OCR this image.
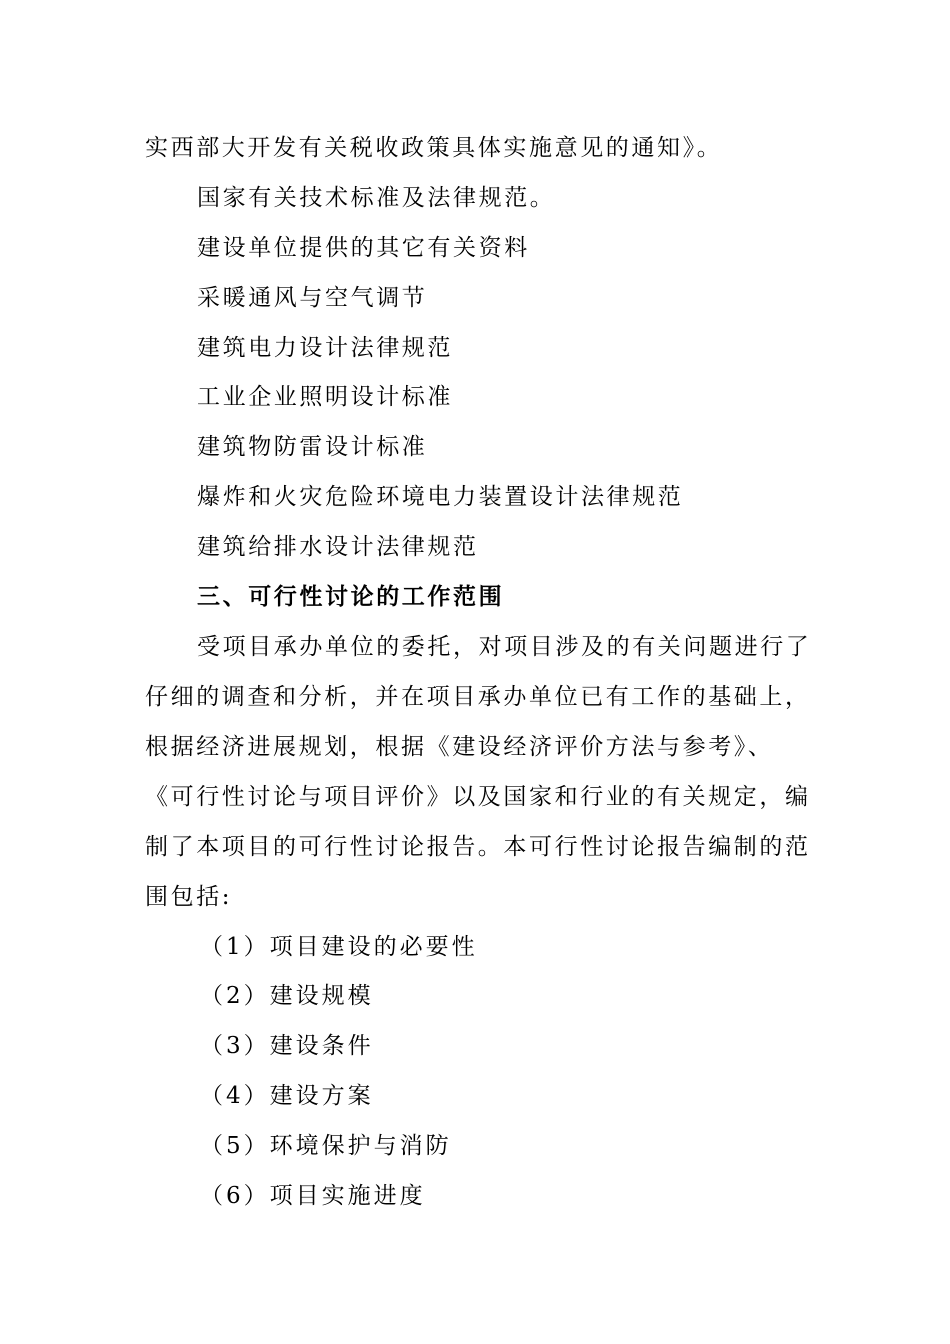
实西部大开发有关税收政策具体实施意见的通知》。
国家有关技术标准及法律规范。
建设单位提供的其它有关资料
采暖通风与空气调节
建筑电力设计法律规范
工业企业照明设计标准
建筑物防雷设计标准
爆炸和火灾危险环境电力装置设计法律规范
建筑给排水设计法律规范
三、可行性讨论的工作范围
受项目承办单位的委托，对项目涉及的有关问题进行了
仔细的调查和分析，并在项目承办单位已有工作的基础上，
根据经济进展规划，根据《建设经济评价方法与参考》、
《可行性讨论与项目评价》以及国家和行业的有关规定，编
制了本项目的可行性讨论报告。本可行性讨论报告编制的范
围包括:
（1）项目建设的必要性
（2）建设规模
（3）建设条件
（4）建设方案
（5）环境保护与消防
（6）项目实施进度
